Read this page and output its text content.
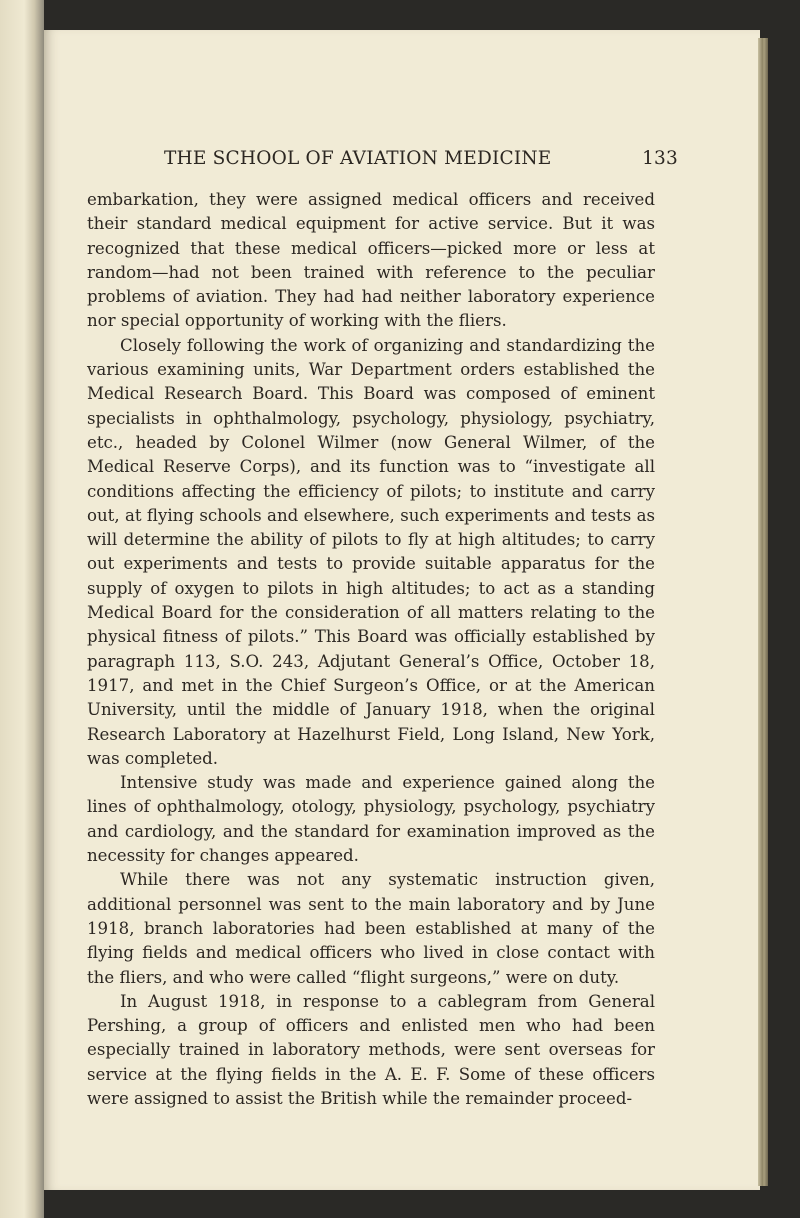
THE SCHOOL OF AVIATION MEDICINE	133

embarkation, they were assigned medical officers and received their standard medical equipment for active service. But it was recognized that these medical officers—picked more or less at random—had not been trained with reference to the peculiar problems of aviation. They had had neither laboratory experience nor special opportunity of working with the fliers.

Closely following the work of organizing and standardizing the various examining units, War Department orders established the Medical Research Board. This Board was composed of eminent specialists in ophthalmology, psychology, physiology, psychiatry, etc., headed by Colonel Wilmer (now General Wilmer, of the Medical Reserve Corps), and its function was to “investigate all conditions affecting the efficiency of pilots; to institute and carry out, at flying schools and elsewhere, such experiments and tests as will determine the ability of pilots to fly at high altitudes; to carry out experiments and tests to provide suitable apparatus for the supply of oxygen to pilots in high altitudes; to act as a standing Medical Board for the consideration of all matters relating to the physical fitness of pilots.” This Board was officially established by paragraph 113, S.O. 243, Adjutant General’s Office, October 18, 1917, and met in the Chief Surgeon’s Office, or at the American University, until the middle of January 1918, when the original Research Laboratory at Hazelhurst Field, Long Island, New York, was completed.

Intensive study was made and experience gained along the lines of ophthalmology, otology, physiology, psychology, psychiatry and cardiology, and the standard for examination improved as the necessity for changes appeared.

While there was not any systematic instruction given, additional personnel was sent to the main laboratory and by June 1918, branch laboratories had been established at many of the flying fields and medical officers who lived in close contact with the fliers, and who were called “flight surgeons,” were on duty.

In August 1918, in response to a cablegram from General Pershing, a group of officers and enlisted men who had been especially trained in laboratory methods, were sent overseas for service at the flying fields in the A. E. F. Some of these officers were assigned to assist the British while the remainder proceed-
